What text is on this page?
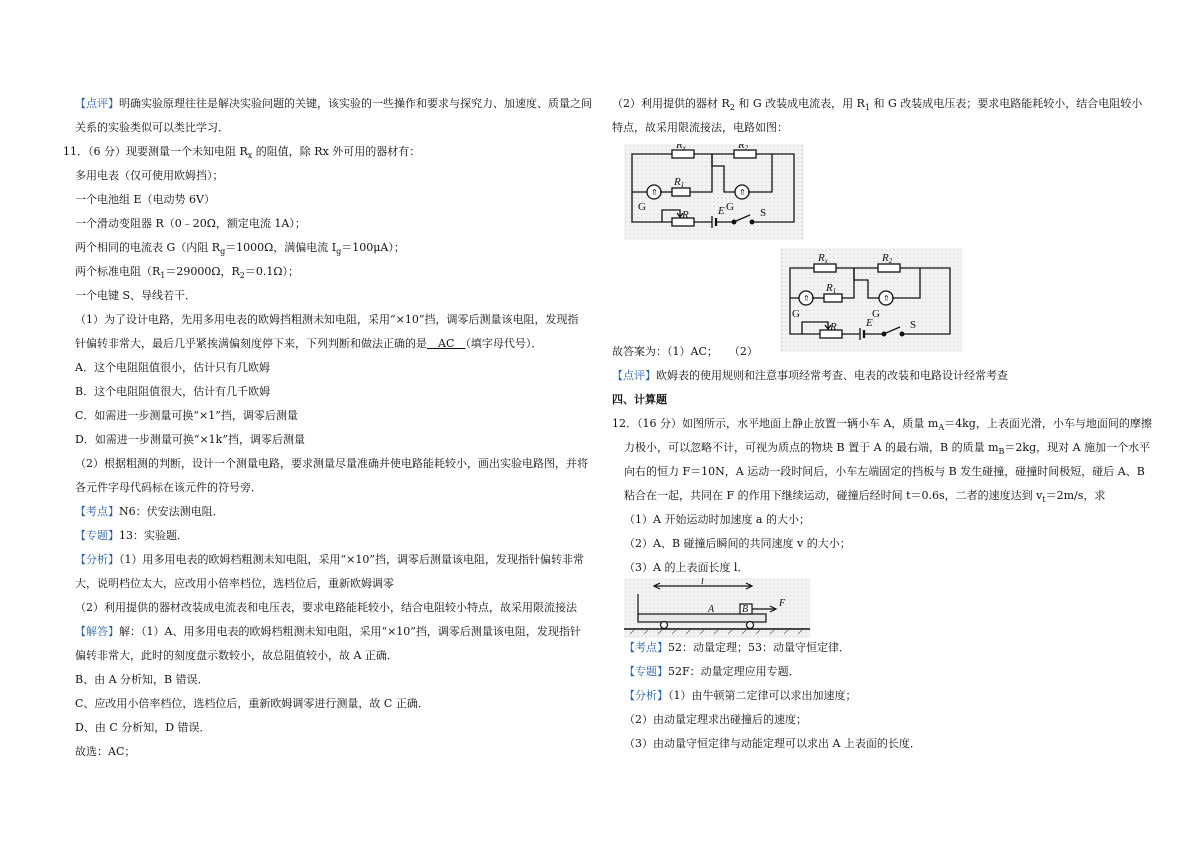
【点评】明确实验原理往往是解决实验问题的关键，该实验的一些操作和要求与探究力、加速度、质量之间
关系的实验类似可以类比学习．
11．（6 分）现要测量一个未知电阻 $R_x$ 的阻值，除 Rx 外可用的器材有：
多用电表（仅可使用欧姆挡）；
一个电池组 E（电动势 6V）
一个滑动变阻器 R（0﹣20Ω，额定电流 1A）；
两个相同的电流表 G（内阻 $R_g=1000\Omega$，满偏电流 $I_g=100\mu A$）；
两个标准电阻（$R_1=29000\Omega$，$R_2=0.1\Omega$）；
一个电键 S、导线若干．
（1）为了设计电路，先用多用电表的欧姆挡粗测未知电阻，采用“×10”挡，调零后测量该电阻，发现指
针偏转非常大，最后几乎紧挨满偏刻度停下来，下列判断和做法正确的是　AC　（填字母代号）．
A．这个电阻阻值很小，估计只有几欧姆
B．这个电阻阻值很大，估计有几千欧姆
C．如需进一步测量可换“×1”挡，调零后测量
D．如需进一步测量可换“×1k”挡，调零后测量
（2）根据粗测的判断，设计一个测量电路，要求测量尽量准确并使电路能耗较小，画出实验电路图，并将
各元件字母代码标在该元件的符号旁．
【考点】N6：伏安法测电阻．
【专题】13：实验题．
【分析】（1）用多用电表的欧姆档粗测未知电阻，采用“×10”挡，调零后测量该电阻，发现指针偏转非常
大，说明档位太大，应改用小倍率档位，选档位后，重新欧姆调零
（2）利用提供的器材改装成电流表和电压表，要求电路能耗较小，结合电阻较小特点，故采用限流接法
【解答】解：（1）A、用多用电表的欧姆档粗测未知电阻，采用“×10”挡，调零后测量该电阻，发现指针
偏转非常大，此时的刻度盘示数较小，故总阻值较小，故 A 正确．
B、由 A 分析知，B 错误．
C、应改用小倍率档位，选档位后，重新欧姆调零进行测量，故 C 正确．
D、由 C 分析知，D 错误．
故选：AC；
（2）利用提供的器材 $R_2$ 和 G 改装成电流表，用 $R_1$ 和 G 改装成电压表；要求电路能耗较小，结合电阻较小
特点，故采用限流接法，电路如图：
Rx	R2
R1
G	G
R	E	S
⇑	⇑
Rx	R2
R1
G	G
R	E	S
⇑	⇑
故答案为：（1）AC；　　（2）
【点评】欧姆表的使用规则和注意事项经常考查、电表的改装和电路设计经常考查
四、计算题
12．（16 分）如图所示，水平地面上静止放置一辆小车 A，质量 $m_A=4kg$，上表面光滑，小车与地面间的摩擦
力极小，可以忽略不计，可视为质点的物块 B 置于 A 的最右端，B 的质量 $m_B=2kg$，现对 A 施加一个水平
向右的恒力 F＝10N，A 运动一段时间后，小车左端固定的挡板与 B 发生碰撞，碰撞时间极短，碰后 A、B
粘合在一起，共同在 F 的作用下继续运动，碰撞后经时间 t＝0.6s，二者的速度达到 $v_t=2m/s$，求
（1）A 开始运动时加速度 a 的大小；
（2）A、B 碰撞后瞬间的共同速度 v 的大小；
（3）A 的上表面长度 l．
l
B
A
F
【考点】52：动量定理；53：动量守恒定律．
【专题】52F：动量定理应用专题．
【分析】（1）由牛顿第二定律可以求出加速度；
（2）由动量定理求出碰撞后的速度；
（3）由动量守恒定律与动能定理可以求出 A 上表面的长度．
